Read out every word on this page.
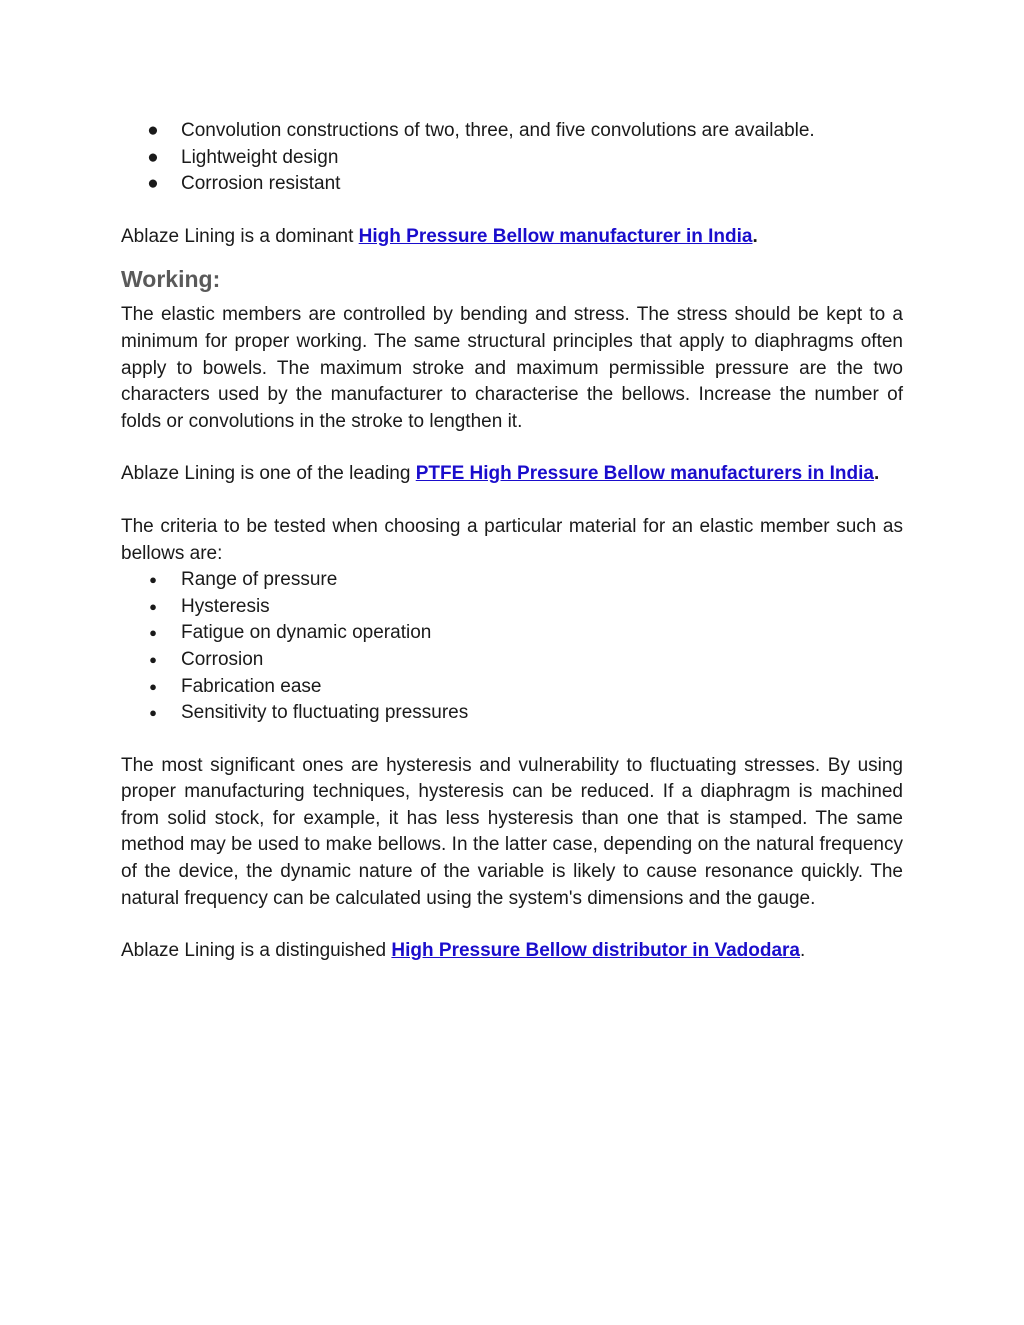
● Convolution constructions of two, three, and five convolutions are available.
● Lightweight design
● Corrosion resistant

Ablaze Lining is a dominant High Pressure Bellow manufacturer in India.

Working:

The elastic members are controlled by bending and stress. The stress should be kept to a minimum for proper working. The same structural principles that apply to diaphragms often apply to bowels. The maximum stroke and maximum permissible pressure are the two characters used by the manufacturer to characterise the bellows. Increase the number of folds or convolutions in the stroke to lengthen it.

Ablaze Lining is one of the leading PTFE High Pressure Bellow manufacturers in India.

The criteria to be tested when choosing a particular material for an elastic member such as bellows are:

●	Range of pressure
●	Hysteresis
●	Fatigue on dynamic operation
●	Corrosion
●	Fabrication ease
●	Sensitivity to fluctuating pressures

The most significant ones are hysteresis and vulnerability to fluctuating stresses. By using proper manufacturing techniques, hysteresis can be reduced. If a diaphragm is machined from solid stock, for example, it has less hysteresis than one that is stamped. The same method may be used to make bellows. In the latter case, depending on the natural frequency of the device, the dynamic nature of the variable is likely to cause resonance quickly. The natural frequency can be calculated using the system's dimensions and the gauge.

Ablaze Lining is a distinguished High Pressure Bellow distributor in Vadodara.
